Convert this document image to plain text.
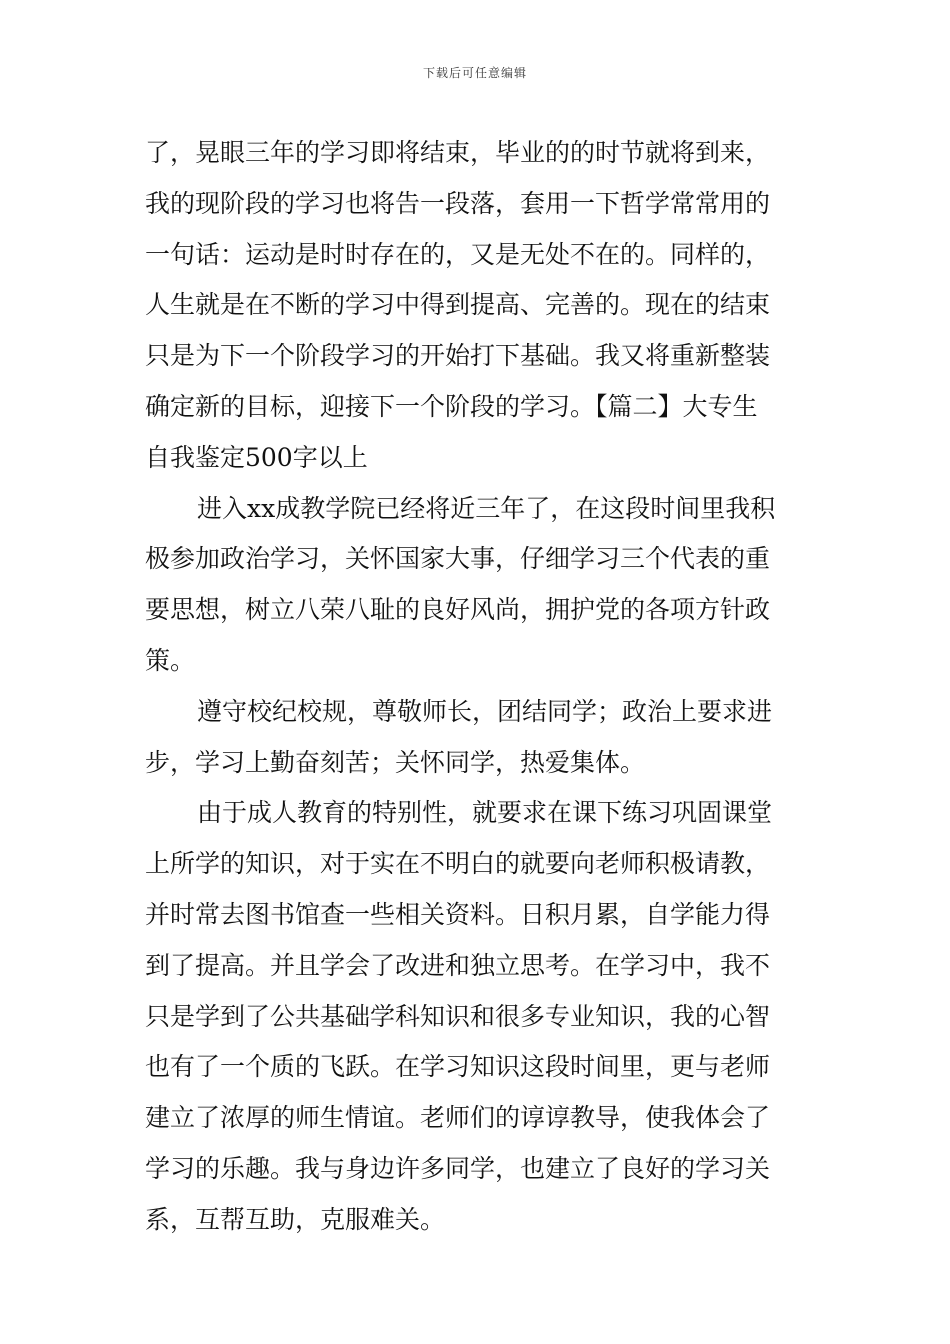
下载后可任意编辑
了，晃眼三年的学习即将结束，毕业的的时节就将到来，
我的现阶段的学习也将告一段落，套用一下哲学常常用的
一句话：运动是时时存在的，又是无处不在的。同样的，
人生就是在不断的学习中得到提高、完善的。现在的结束
只是为下一个阶段学习的开始打下基础。我又将重新整装
确定新的目标，迎接下一个阶段的学习。【篇二】大专生
自我鉴定500字以上
进入xx成教学院已经将近三年了，在这段时间里我积
极参加政治学习，关怀国家大事，仔细学习三个代表的重
要思想，树立八荣八耻的良好风尚，拥护党的各项方针政
策。
遵守校纪校规，尊敬师长，团结同学；政治上要求进
步，学习上勤奋刻苦；关怀同学，热爱集体。
由于成人教育的特别性，就要求在课下练习巩固课堂
上所学的知识，对于实在不明白的就要向老师积极请教，
并时常去图书馆查一些相关资料。日积月累，自学能力得
到了提高。并且学会了改进和独立思考。在学习中，我不
只是学到了公共基础学科知识和很多专业知识，我的心智
也有了一个质的飞跃。在学习知识这段时间里，更与老师
建立了浓厚的师生情谊。老师们的谆谆教导，使我体会了
学习的乐趣。我与身边许多同学，也建立了良好的学习关
系，互帮互助，克服难关。
